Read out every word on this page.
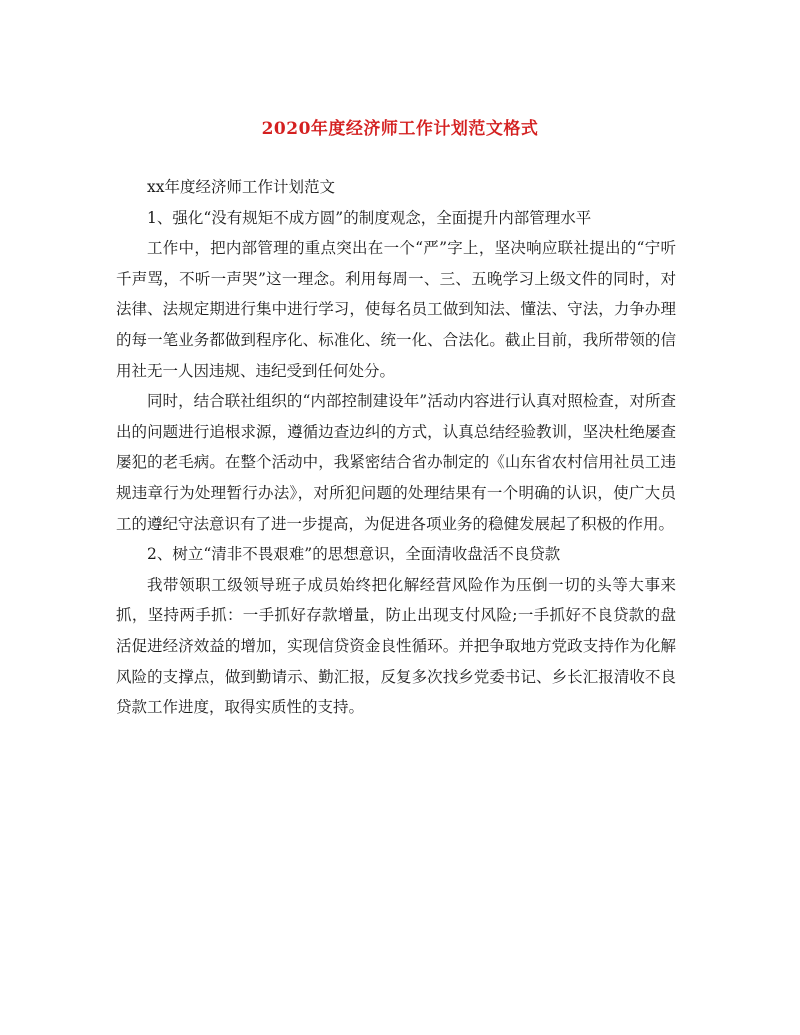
2020年度经济师工作计划范文格式

xx年度经济师工作计划范文

1、强化“没有规矩不成方圆”的制度观念，全面提升内部管理水平

工作中，把内部管理的重点突出在一个“严”字上，坚决响应联社提出的“宁听千声骂，不听一声哭”这一理念。利用每周一、三、五晚学习上级文件的同时，对法律、法规定期进行集中进行学习，使每名员工做到知法、懂法、守法，力争办理的每一笔业务都做到程序化、标准化、统一化、合法化。截止目前，我所带领的信用社无一人因违规、违纪受到任何处分。

同时，结合联社组织的“内部控制建设年”活动内容进行认真对照检查，对所查出的问题进行追根求源，遵循边查边纠的方式，认真总结经验教训，坚决杜绝屡查屡犯的老毛病。在整个活动中，我紧密结合省办制定的《山东省农村信用社员工违规违章行为处理暂行办法》，对所犯问题的处理结果有一个明确的认识，使广大员工的遵纪守法意识有了进一步提高，为促进各项业务的稳健发展起了积极的作用。

2、树立“清非不畏艰难”的思想意识，全面清收盘活不良贷款

我带领职工级领导班子成员始终把化解经营风险作为压倒一切的头等大事来抓，坚持两手抓：一手抓好存款增量，防止出现支付风险;一手抓好不良贷款的盘活促进经济效益的增加，实现信贷资金良性循环。并把争取地方党政支持作为化解风险的支撑点，做到勤请示、勤汇报，反复多次找乡党委书记、乡长汇报清收不良贷款工作进度，取得实质性的支持。
